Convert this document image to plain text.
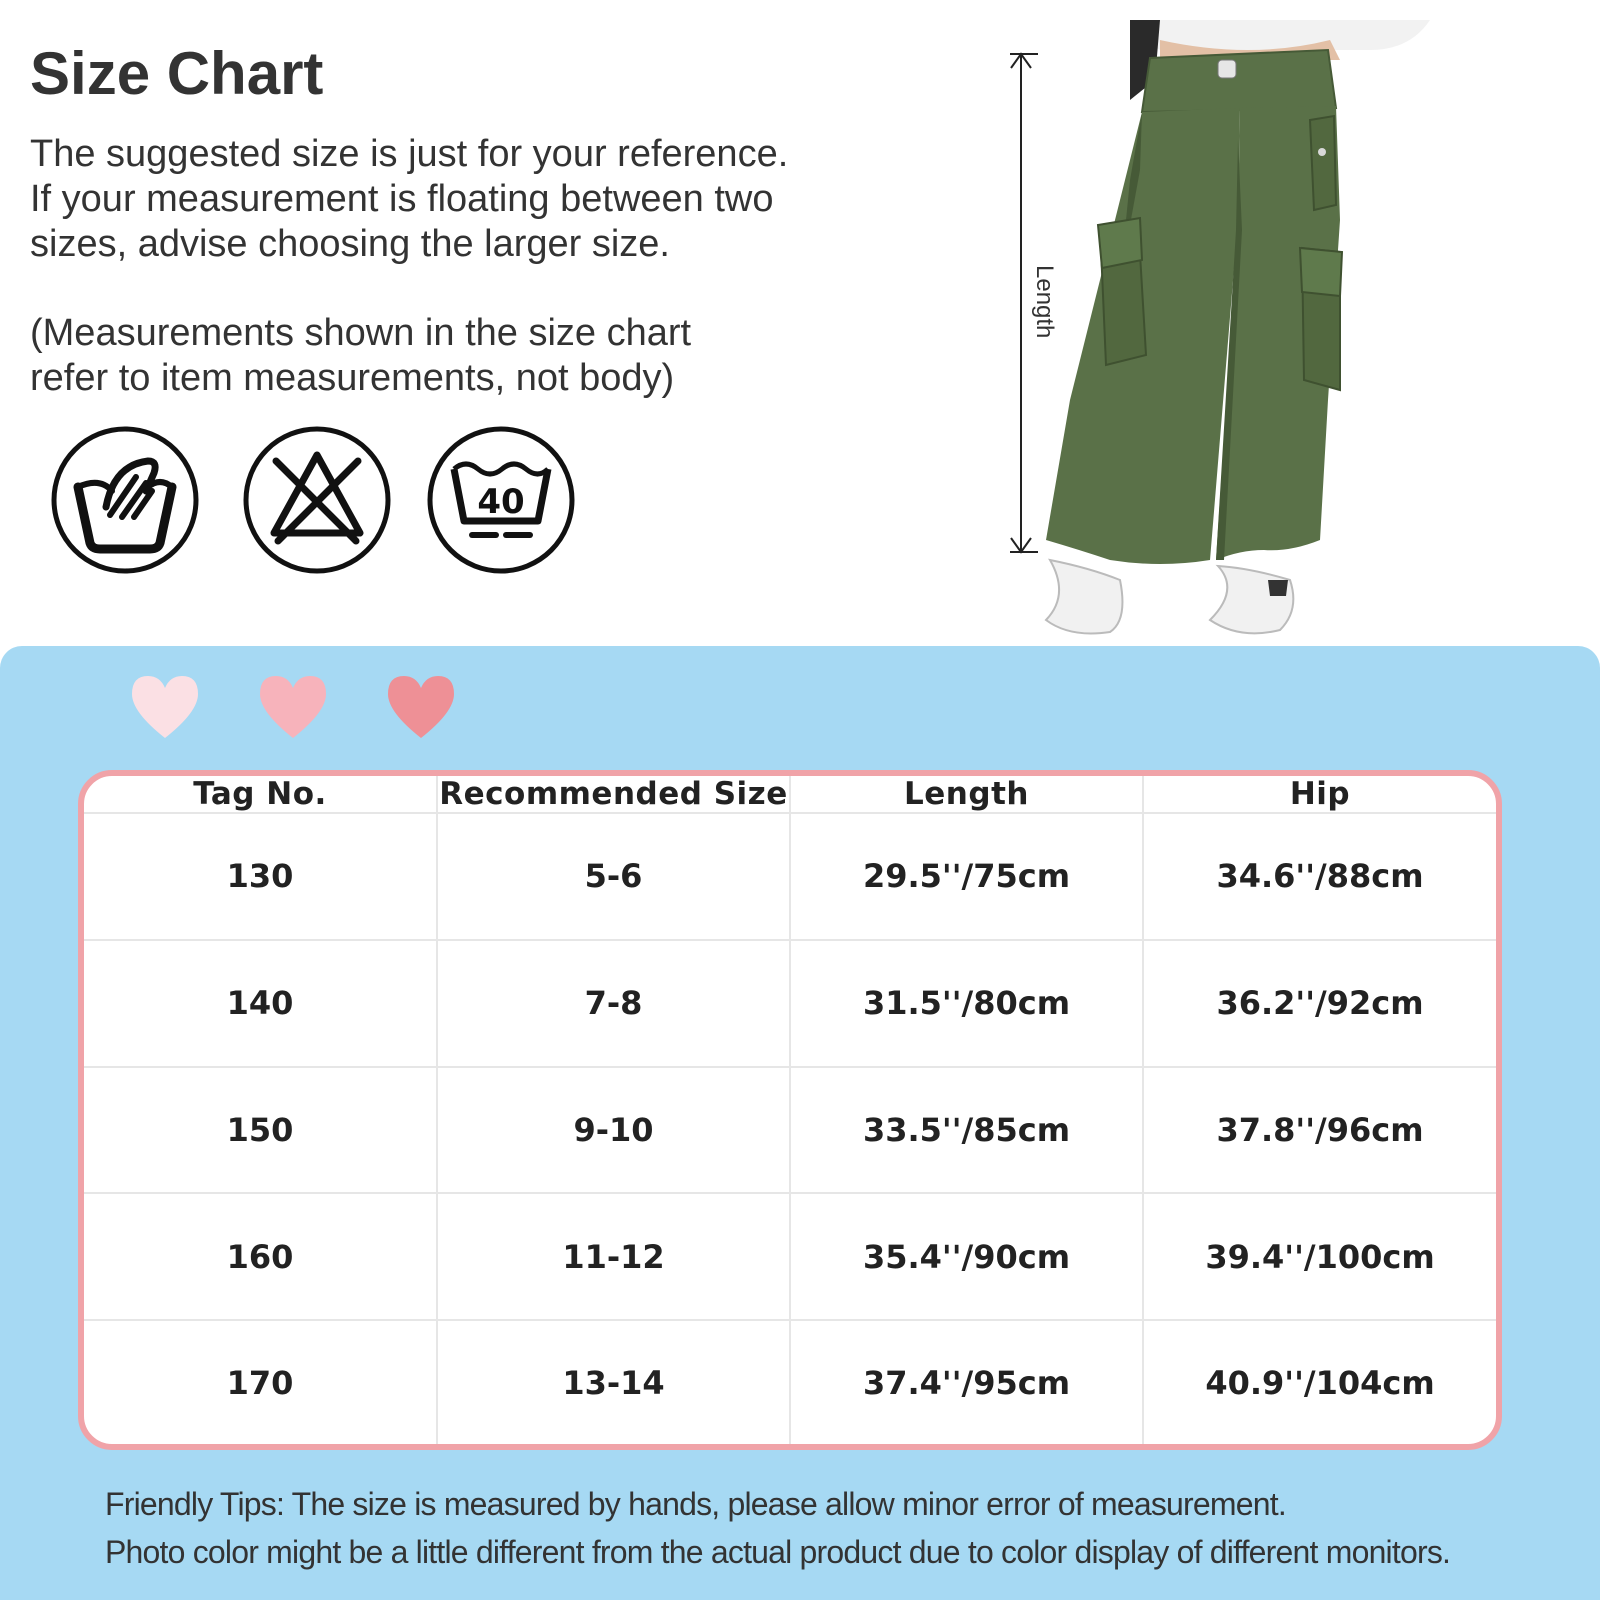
Size Chart

The suggested size is just for your reference.

If your measurement is floating between two

sizes, advise choosing the larger size.

(Measurements shown in the size chart

refer to item measurements, not body)

40
Length
Tag No.	Recommended Size	Length	Hip
130	5-6	29.5''/75cm	34.6''/88cm
140	7-8	31.5''/80cm	36.2''/92cm
150	9-10	33.5''/85cm	37.8''/96cm
160	11-12	35.4''/90cm	39.4''/100cm
170	13-14	37.4''/95cm	40.9''/104cm

Friendly Tips: The size is measured by hands, please allow minor error of measurement.

Photo color might be a little different from the actual product due to color display of different monitors.
